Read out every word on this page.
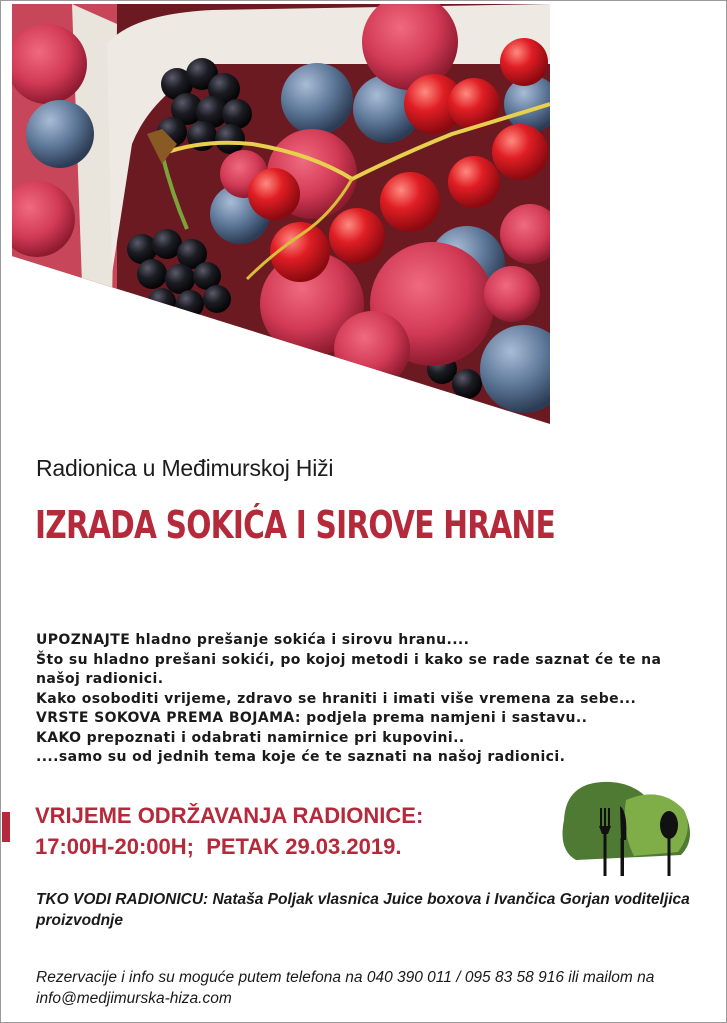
Radionica u Međimurskoj Hiži
IZRADA SOKIĆA I SIROVE HRANE

UPOZNAJTE hladno prešanje sokića i sirovu hranu....

Što su hladno prešani sokići, po kojoj metodi i kako se rade saznat će te na našoj radionici.

Kako osoboditi vrijeme, zdravo se hraniti i imati više vremena za sebe...

VRSTE SOKOVA PREMA BOJAMA: podjela prema namjeni i sastavu..

KAKO prepoznati i odabrati namirnice pri kupovini..

....samo su od jednih tema koje će te saznati na našoj radionici.

VRIJEME ODRŽAVANJA RADIONICE:
17:00H-20:00H;  PETAK 29.03.2019.
TKO VODI RADIONICU: Nataša Poljak vlasnica Juice boxova i Ivančica Gorjan voditeljica proizvodnje
Rezervacije i info su moguće putem telefona na 040 390 011 / 095 83 58 916 ili mailom na info@medjimurska-hiza.com
